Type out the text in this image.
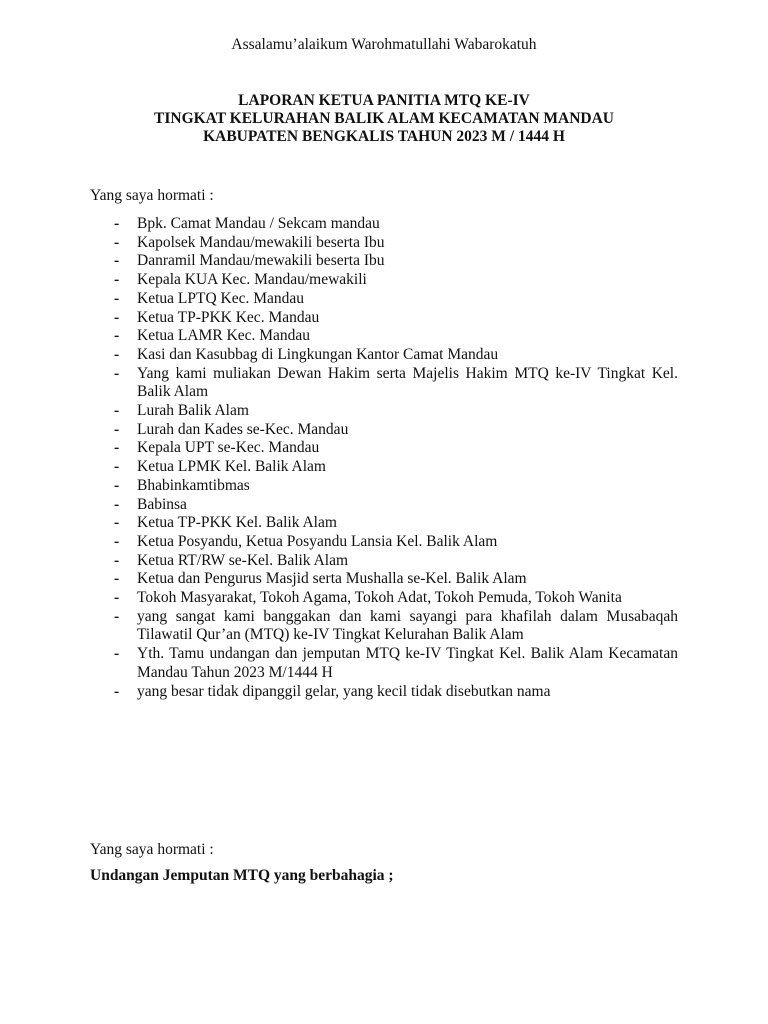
Assalamu’alaikum Warohmatullahi Wabarokatuh
LAPORAN KETUA PANITIA MTQ KE-IV
TINGKAT KELURAHAN BALIK ALAM KECAMATAN MANDAU
KABUPATEN BENGKALIS TAHUN 2023 M / 1444 H
Yang saya hormati :
- Bpk. Camat Mandau / Sekcam mandau
- Kapolsek Mandau/mewakili beserta Ibu
- Danramil Mandau/mewakili beserta Ibu
- Kepala KUA Kec. Mandau/mewakili
- Ketua LPTQ Kec. Mandau
- Ketua TP-PKK Kec. Mandau
- Ketua LAMR Kec. Mandau
- Kasi dan Kasubbag di Lingkungan Kantor Camat Mandau
- Yang kami muliakan Dewan Hakim serta Majelis Hakim MTQ ke-IV Tingkat Kel. Balik Alam
- Lurah Balik Alam
- Lurah dan Kades se-Kec. Mandau
- Kepala UPT se-Kec. Mandau
- Ketua LPMK Kel. Balik Alam
- Bhabinkamtibmas
- Babinsa
- Ketua TP-PKK Kel. Balik Alam
- Ketua Posyandu, Ketua Posyandu Lansia Kel. Balik Alam
- Ketua RT/RW se-Kel. Balik Alam
- Ketua dan Pengurus Masjid serta Mushalla se-Kel. Balik Alam
- Tokoh Masyarakat, Tokoh Agama, Tokoh Adat, Tokoh Pemuda, Tokoh Wanita
- yang sangat kami banggakan dan kami sayangi para khafilah dalam Musabaqah Tilawatil Qur’an (MTQ) ke-IV Tingkat Kelurahan Balik Alam
- Yth. Tamu undangan dan jemputan MTQ ke-IV Tingkat Kel. Balik Alam Kecamatan Mandau Tahun 2023 M/1444 H
- yang besar tidak dipanggil gelar, yang kecil tidak disebutkan nama
Yang saya hormati :
Undangan Jemputan MTQ yang berbahagia ;
